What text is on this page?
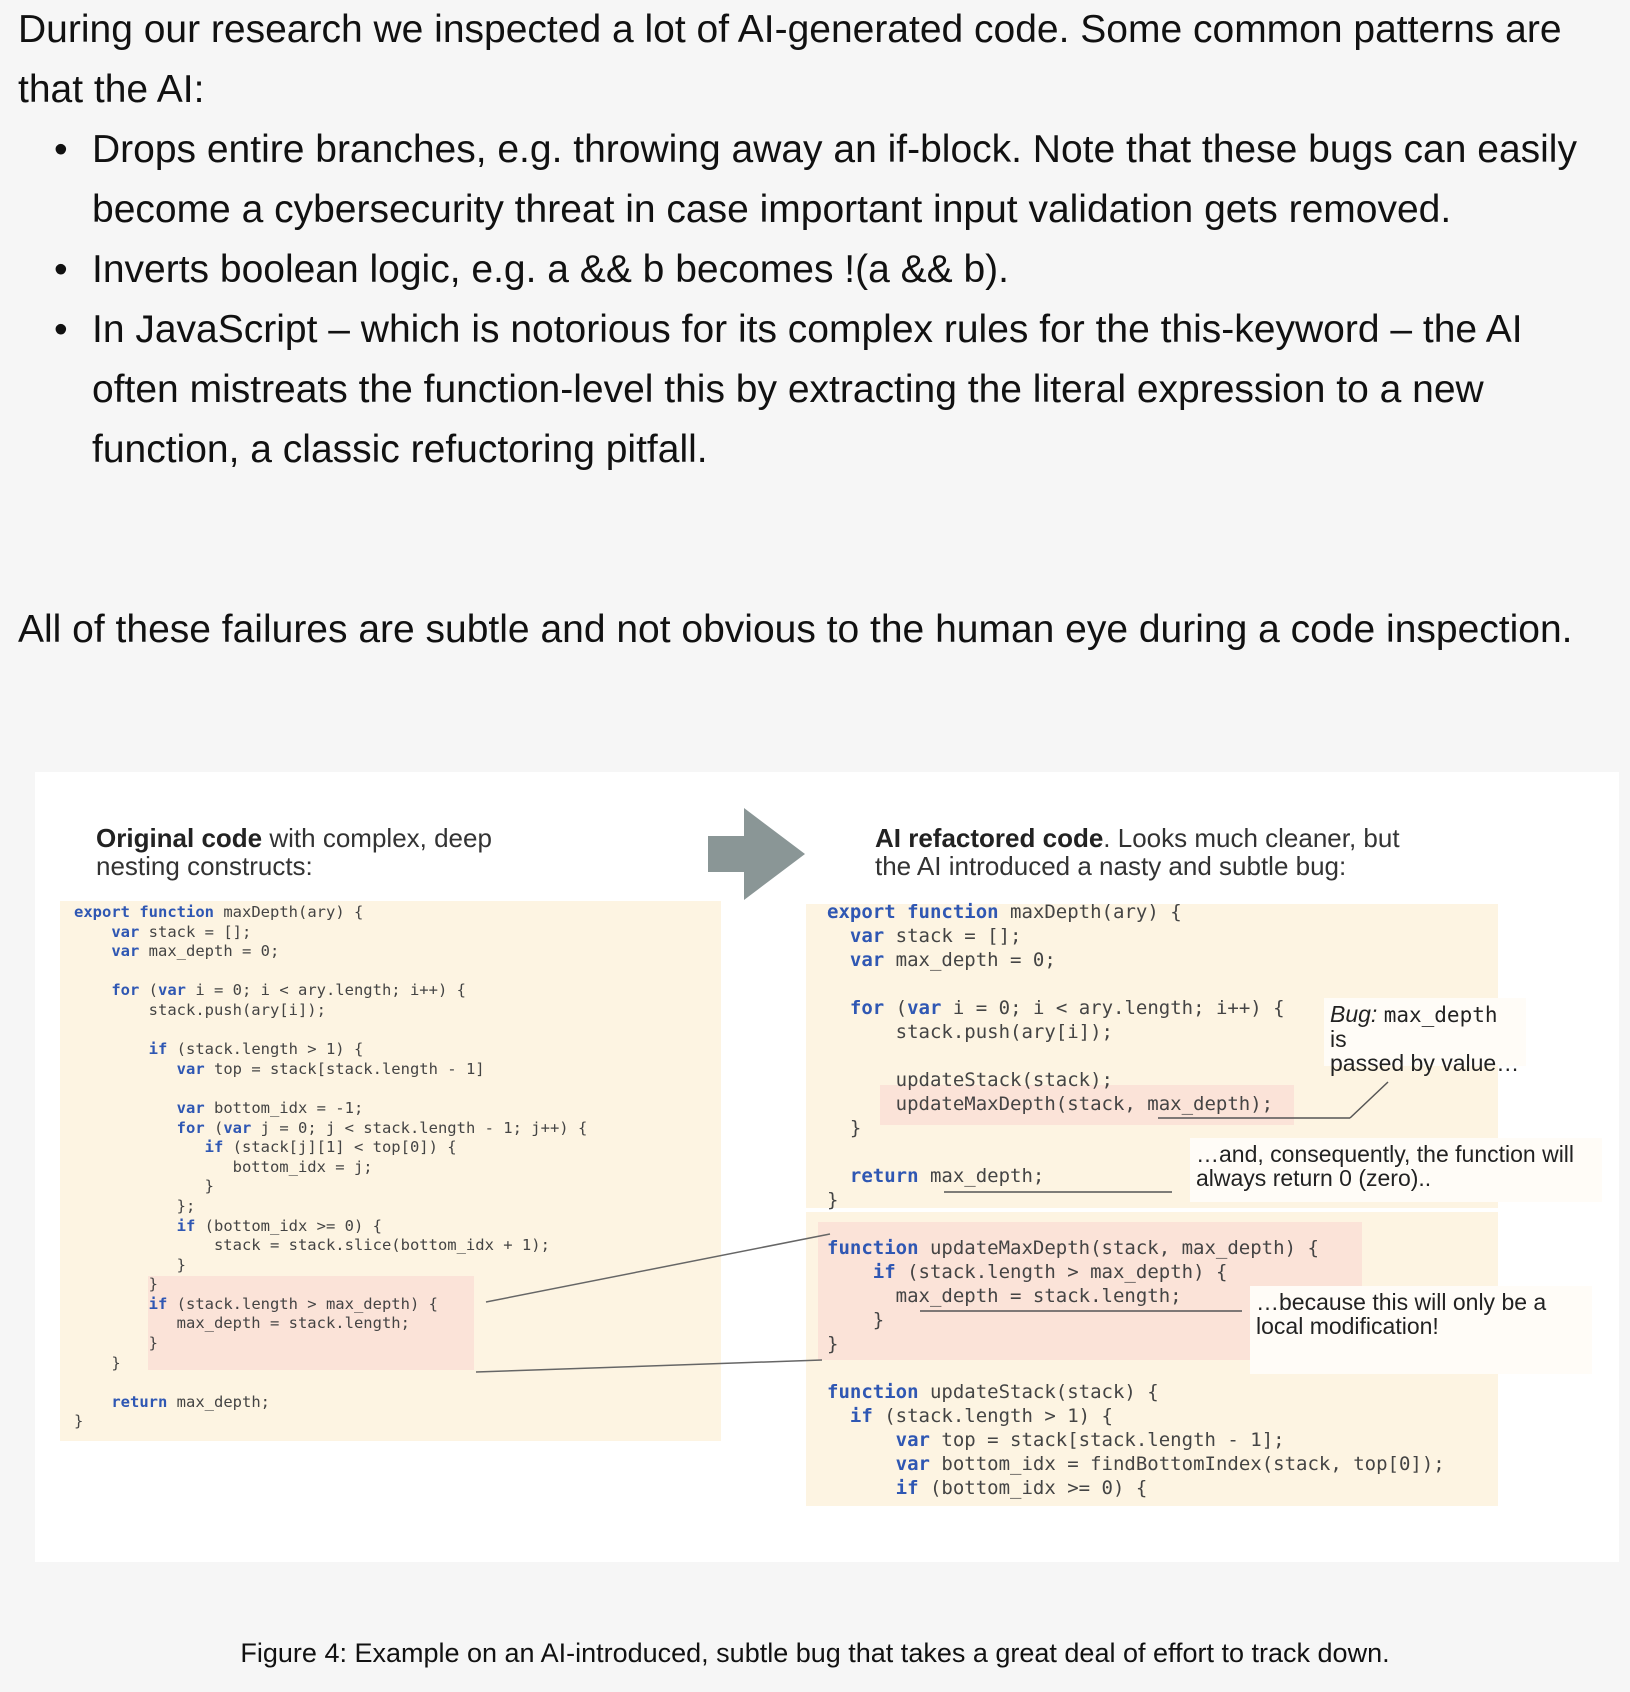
During our research we inspected a lot of AI-generated code. Some common patterns are that the AI:

• Drops entire branches, e.g. throwing away an if-block. Note that these bugs can easily become a cybersecurity threat in case important input validation gets removed.
• Inverts boolean logic, e.g. a && b becomes !(a && b).
• In JavaScript – which is notorious for its complex rules for the this-keyword – the AI often mistreats the function-level this by extracting the literal expression to a new function, a classic refuctoring pitfall.

All of these failures are subtle and not obvious to the human eye during a code inspection.

Original code with complex, deep nesting constructs:
AI refactored code. Looks much cleaner, but the AI introduced a nasty and subtle bug:
export function maxDepth(ary) {
var stack = [];
var max_depth = 0;

for (var i = 0; i < ary.length; i++) {
stack.push(ary[i]);

if (stack.length > 1) {
var top = stack[stack.length - 1]

var bottom_idx = -1;
for (var j = 0; j < stack.length - 1; j++) {
if (stack[j][1] < top[0]) {
bottom_idx = j;
}
};
if (bottom_idx >= 0) {
stack = stack.slice(bottom_idx + 1);
}
}
if (stack.length > max_depth) {
max_depth = stack.length;
}
}

return max_depth;
}
export function maxDepth(ary) {
var stack = [];
var max_depth = 0;

for (var i = 0; i < ary.length; i++) {
stack.push(ary[i]);

updateStack(stack);
updateMaxDepth(stack, max_depth);
}

return max_depth;
}
function updateMaxDepth(stack, max_depth) {
if (stack.length > max_depth) {
max_depth = stack.length;
}
}
function updateStack(stack) {
if (stack.length > 1) {
var top = stack[stack.length - 1];
var bottom_idx = findBottomIndex(stack, top[0]);
if (bottom_idx >= 0) {
Bug: max_depth is
passed by value…
…and, consequently, the function will always return 0 (zero)..
…because this will only be a local modification!
Figure 4: Example on an AI-introduced, subtle bug that takes a great deal of effort to track down.
